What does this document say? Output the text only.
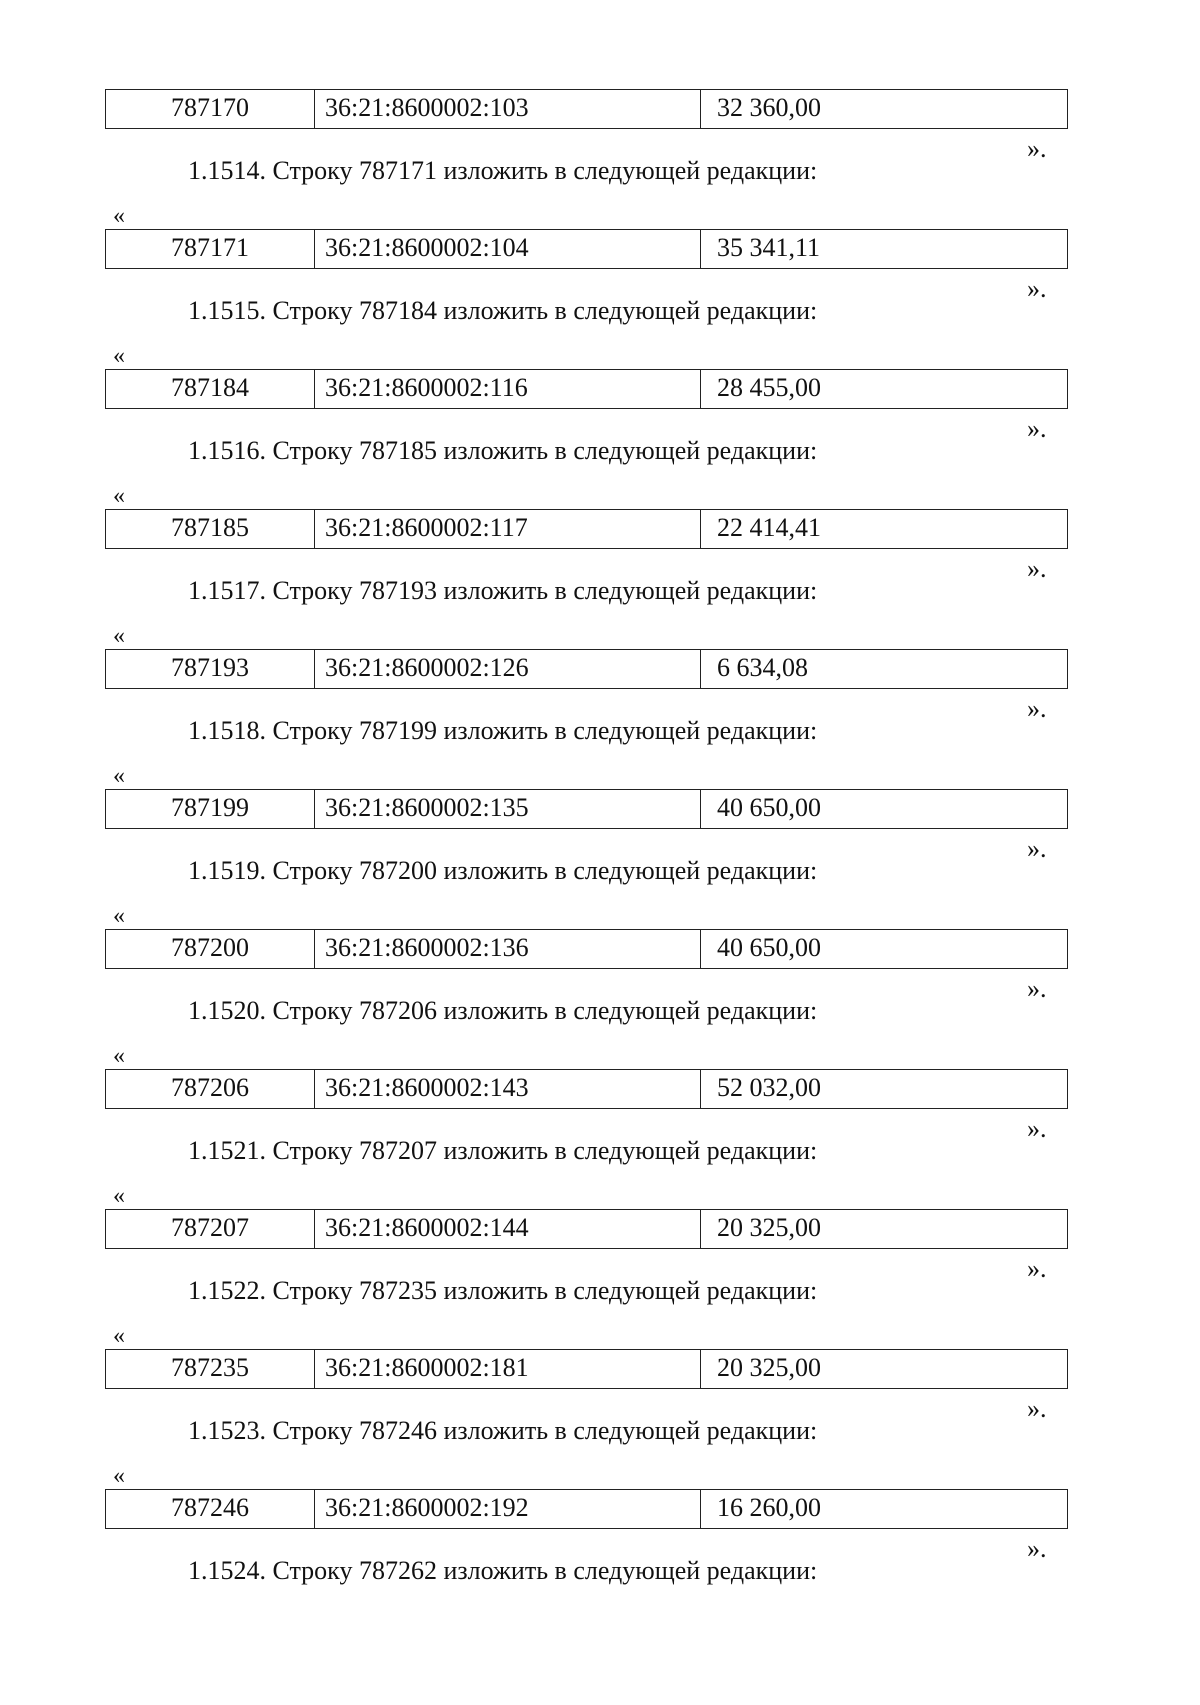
787170	36:21:8600002:103	32 360,00
».
1.1514. Строку 787171 изложить в следующей редакции:
«
787171	36:21:8600002:104	35 341,11
».
1.1515. Строку 787184 изложить в следующей редакции:
«
787184	36:21:8600002:116	28 455,00
».
1.1516. Строку 787185 изложить в следующей редакции:
«
787185	36:21:8600002:117	22 414,41
».
1.1517. Строку 787193 изложить в следующей редакции:
«
787193	36:21:8600002:126	6 634,08
».
1.1518. Строку 787199 изложить в следующей редакции:
«
787199	36:21:8600002:135	40 650,00
».
1.1519. Строку 787200 изложить в следующей редакции:
«
787200	36:21:8600002:136	40 650,00
».
1.1520. Строку 787206 изложить в следующей редакции:
«
787206	36:21:8600002:143	52 032,00
».
1.1521. Строку 787207 изложить в следующей редакции:
«
787207	36:21:8600002:144	20 325,00
».
1.1522. Строку 787235 изложить в следующей редакции:
«
787235	36:21:8600002:181	20 325,00
».
1.1523. Строку 787246 изложить в следующей редакции:
«
787246	36:21:8600002:192	16 260,00
».
1.1524. Строку 787262 изложить в следующей редакции:
